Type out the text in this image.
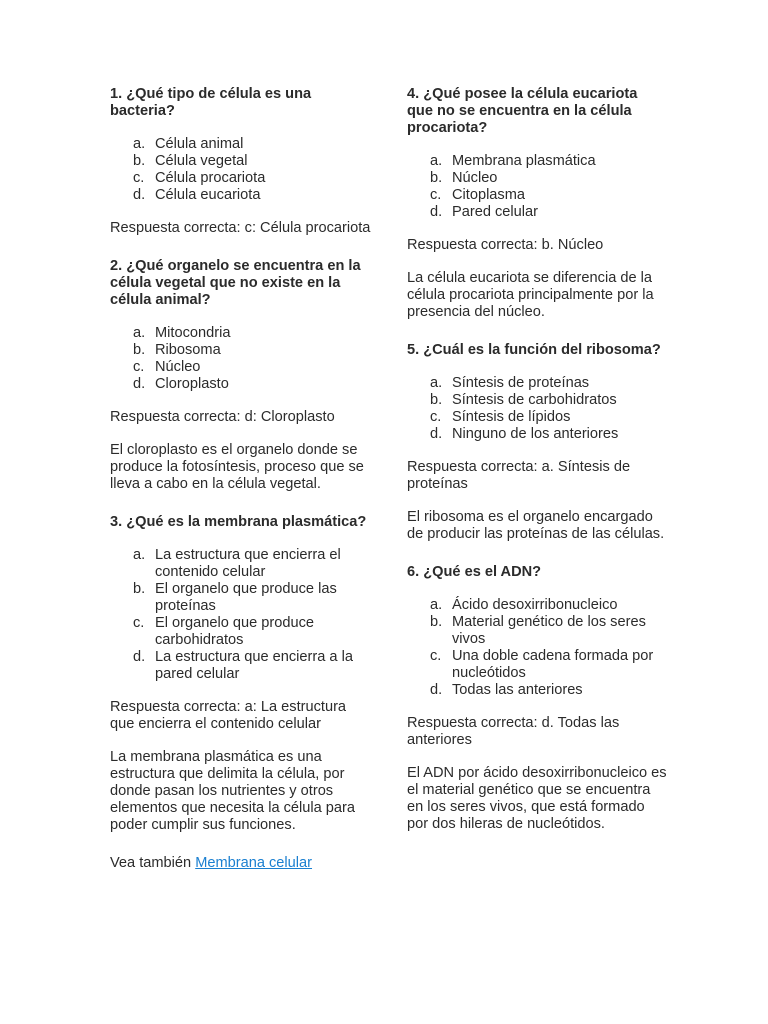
1. ¿Qué tipo de célula es una bacteria?

a. Célula animal
b. Célula vegetal
c. Célula procariota
d. Célula eucariota

Respuesta correcta: c: Célula procariota

2. ¿Qué organelo se encuentra en la célula vegetal que no existe en la célula animal?

a. Mitocondria
b. Ribosoma
c. Núcleo
d. Cloroplasto

Respuesta correcta: d: Cloroplasto

El cloroplasto es el organelo donde se produce la fotosíntesis, proceso que se lleva a cabo en la célula vegetal.

3. ¿Qué es la membrana plasmática?

a. La estructura que encierra el contenido celular
b. El organelo que produce las proteínas
c. El organelo que produce carbohidratos
d. La estructura que encierra a la pared celular

Respuesta correcta: a: La estructura que encierra el contenido celular

La membrana plasmática es una estructura que delimita la célula, por donde pasan los nutrientes y otros elementos que necesita la célula para poder cumplir sus funciones.

Vea también Membrana celular

4. ¿Qué posee la célula eucariota que no se encuentra en la célula procariota?

a. Membrana plasmática
b. Núcleo
c. Citoplasma
d. Pared celular

Respuesta correcta: b. Núcleo

La célula eucariota se diferencia de la célula procariota principalmente por la presencia del núcleo.

5. ¿Cuál es la función del ribosoma?

a. Síntesis de proteínas
b. Síntesis de carbohidratos
c. Síntesis de lípidos
d. Ninguno de los anteriores

Respuesta correcta: a. Síntesis de proteínas

El ribosoma es el organelo encargado de producir las proteínas de las células.

6. ¿Qué es el ADN?

a. Ácido desoxirribonucleico
b. Material genético de los seres vivos
c. Una doble cadena formada por nucleótidos
d. Todas las anteriores

Respuesta correcta: d. Todas las anteriores

El ADN por ácido desoxirribonucleico es el material genético que se encuentra en los seres vivos, que está formado por dos hileras de nucleótidos.
